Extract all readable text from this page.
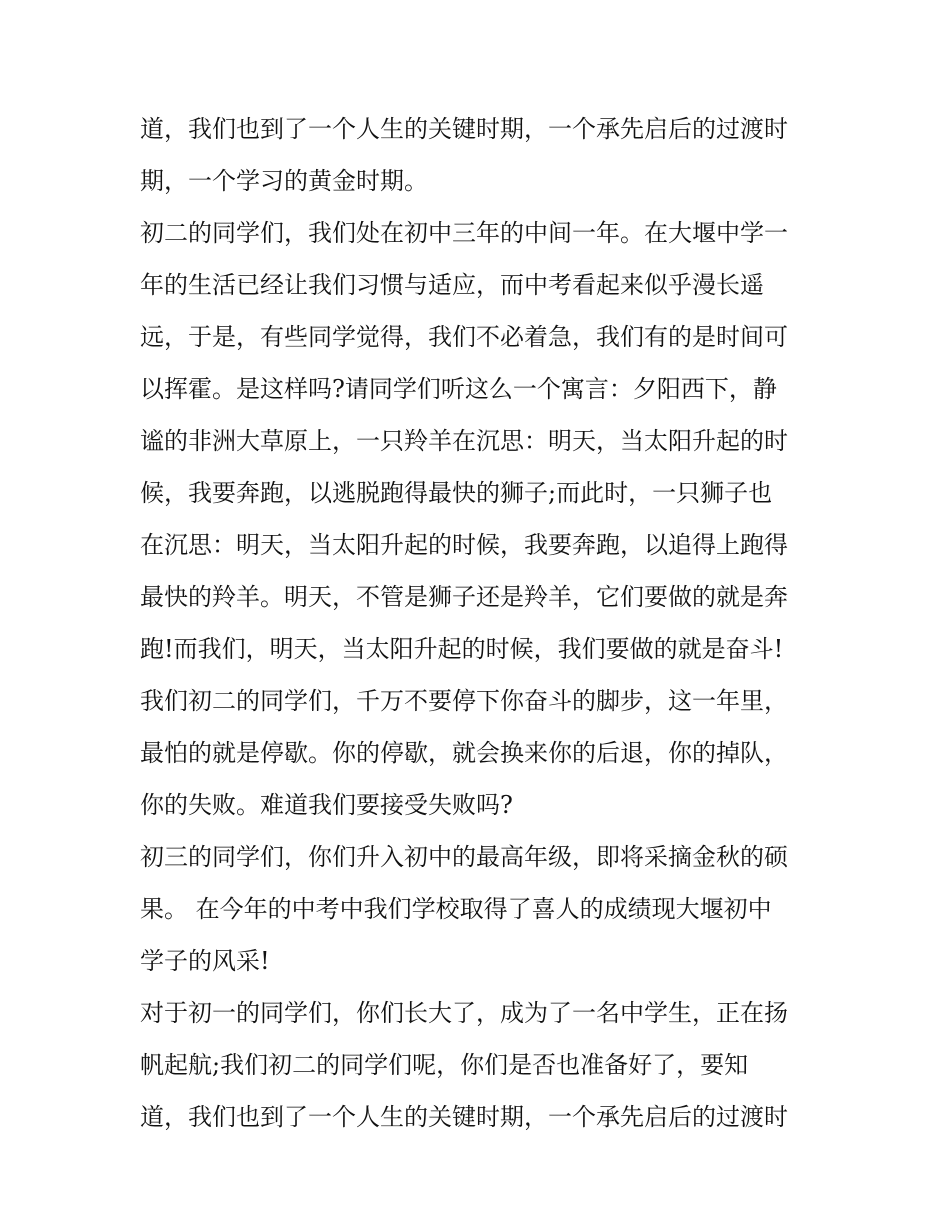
道，我们也到了一个人生的关键时期，一个承先启后的过渡时
期，一个学习的黄金时期。
初二的同学们，我们处在初中三年的中间一年。在大堰中学一
年的生活已经让我们习惯与适应，而中考看起来似乎漫长遥
远，于是，有些同学觉得，我们不必着急，我们有的是时间可
以挥霍。是这样吗?请同学们听这么一个寓言：夕阳西下，静
谧的非洲大草原上，一只羚羊在沉思：明天，当太阳升起的时
候，我要奔跑，以逃脱跑得最快的狮子;而此时，一只狮子也
在沉思：明天，当太阳升起的时候，我要奔跑，以追得上跑得
最快的羚羊。明天，不管是狮子还是羚羊，它们要做的就是奔
跑!而我们，明天，当太阳升起的时候，我们要做的就是奋斗!
我们初二的同学们，千万不要停下你奋斗的脚步，这一年里，
最怕的就是停歇。你的停歇，就会换来你的后退，你的掉队，
你的失败。难道我们要接受失败吗?
初三的同学们，你们升入初中的最高年级，即将采摘金秋的硕
果。 在今年的中考中我们学校取得了喜人的成绩现大堰初中
学子的风采!
对于初一的同学们，你们长大了，成为了一名中学生，正在扬
帆起航;我们初二的同学们呢，你们是否也准备好了，要知
道，我们也到了一个人生的关键时期，一个承先启后的过渡时
